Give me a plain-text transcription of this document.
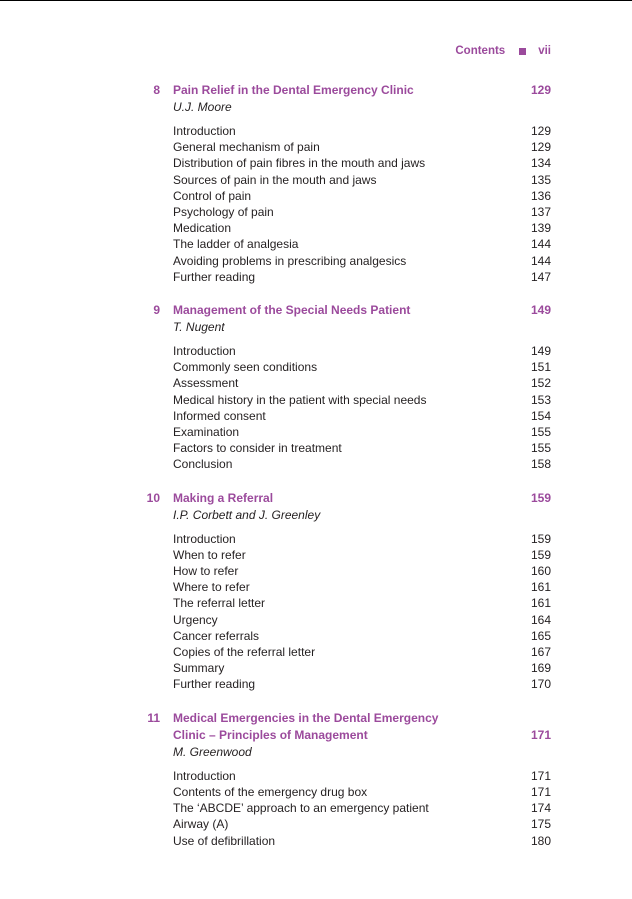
Contents	vii
8 Pain Relief in the Dental Emergency Clinic	129
U.J. Moore
Introduction	129
General mechanism of pain	129
Distribution of pain fibres in the mouth and jaws	134
Sources of pain in the mouth and jaws	135
Control of pain	136
Psychology of pain	137
Medication	139
The ladder of analgesia	144
Avoiding problems in prescribing analgesics	144
Further reading	147
9 Management of the Special Needs Patient	149
T. Nugent
Introduction	149
Commonly seen conditions	151
Assessment	152
Medical history in the patient with special needs	153
Informed consent	154
Examination	155
Factors to consider in treatment	155
Conclusion	158
10 Making a Referral	159
I.P. Corbett and J. Greenley
Introduction	159
When to refer	159
How to refer	160
Where to refer	161
The referral letter	161
Urgency	164
Cancer referrals	165
Copies of the referral letter	167
Summary	169
Further reading	170
11 Medical Emergencies in the Dental Emergency Clinic – Principles of Management	171
M. Greenwood
Introduction	171
Contents of the emergency drug box	171
The ‘ABCDE’ approach to an emergency patient	174
Airway (A)	175
Use of defibrillation	180
